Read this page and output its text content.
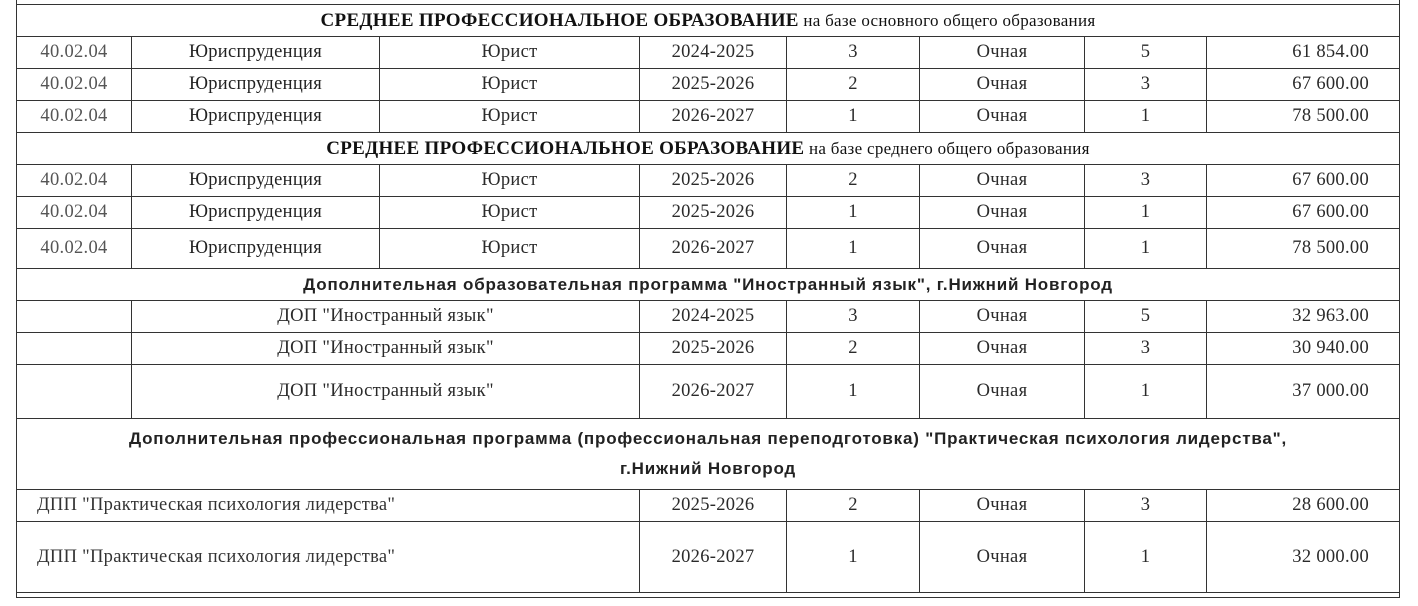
СРЕДНЕЕ ПРОФЕССИОНАЛЬНОЕ ОБРАЗОВАНИЕ на базе основного общего образования							
40.02.04	Юриспруденция	Юрист	2024-2025	3	Очная	5	61 854.00
40.02.04	Юриспруденция	Юрист	2025-2026	2	Очная	3	67 600.00
40.02.04	Юриспруденция	Юрист	2026-2027	1	Очная	1	78 500.00
СРЕДНЕЕ ПРОФЕССИОНАЛЬНОЕ ОБРАЗОВАНИЕ на базе среднего общего образования							
40.02.04	Юриспруденция	Юрист	2025-2026	2	Очная	3	67 600.00
40.02.04	Юриспруденция	Юрист	2025-2026	1	Очная	1	67 600.00
40.02.04	Юриспруденция	Юрист	2026-2027	1	Очная	1	78 500.00
Дополнительная образовательная программа "Иностранный язык", г.Нижний Новгород							
	ДОП "Иностранный язык"		2024-2025	3	Очная	5	32 963.00
	ДОП "Иностранный язык"		2025-2026	2	Очная	3	30 940.00
	ДОП "Иностранный язык"		2026-2027	1	Очная	1	37 000.00

Дополнительная профессиональная программа (профессиональная переподготовка) "Практическая психология лидерства",
г.Нижний Новгород							

ДПП "Практическая психология лидерства"			2025-2026	2	Очная	3	28 600.00
ДПП "Практическая психология лидерства"			2026-2027	1	Очная	1	32 000.00
